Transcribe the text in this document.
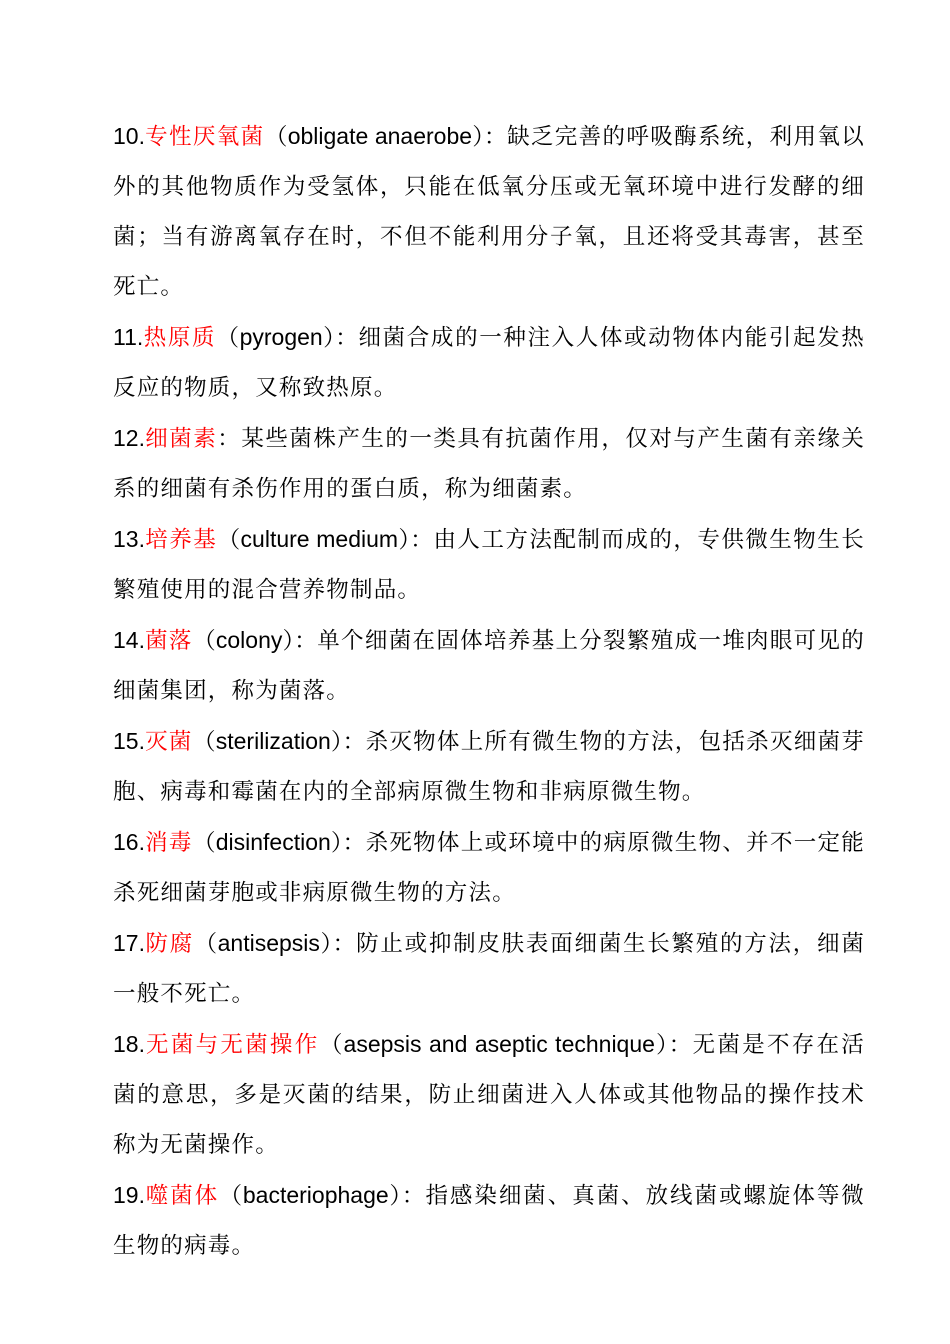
10.专性厌氧菌（obligate anaerobe）：缺乏完善的呼吸酶系统，利用氧以外的其他物质作为受氢体，只能在低氧分压或无氧环境中进行发酵的细菌；当有游离氧存在时，不但不能利用分子氧，且还将受其毒害，甚至死亡。

11.热原质（pyrogen）：细菌合成的一种注入人体或动物体内能引起发热反应的物质，又称致热原。

12.细菌素：某些菌株产生的一类具有抗菌作用，仅对与产生菌有亲缘关系的细菌有杀伤作用的蛋白质，称为细菌素。

13.培养基（culture medium）：由人工方法配制而成的，专供微生物生长繁殖使用的混合营养物制品。

14.菌落（colony）：单个细菌在固体培养基上分裂繁殖成一堆肉眼可见的细菌集团，称为菌落。

15.灭菌（sterilization）：杀灭物体上所有微生物的方法，包括杀灭细菌芽胞、病毒和霉菌在内的全部病原微生物和非病原微生物。

16.消毒（disinfection）：杀死物体上或环境中的病原微生物、并不一定能杀死细菌芽胞或非病原微生物的方法。

17.防腐（antisepsis）：防止或抑制皮肤表面细菌生长繁殖的方法，细菌一般不死亡。

18.无菌与无菌操作（asepsis and aseptic technique）：无菌是不存在活菌的意思，多是灭菌的结果，防止细菌进入人体或其他物品的操作技术称为无菌操作。

19.噬菌体（bacteriophage）：指感染细菌、真菌、放线菌或螺旋体等微生物的病毒。
